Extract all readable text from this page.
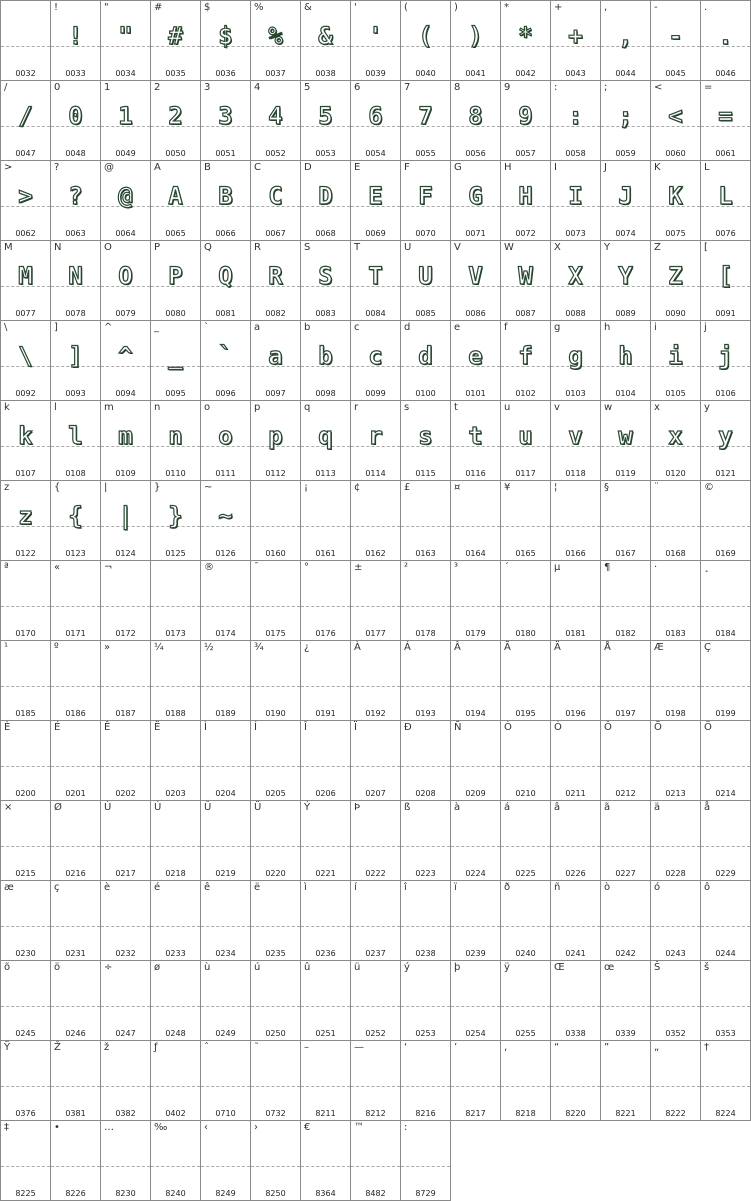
0032
!
!
0033
"
"
0034
#
#
0035
$
$
0036
%
%
0037
&
&
0038
'
'
0039
(
(
0040
)
)
0041
*
*
0042
+
+
0043
,
,
0044
-
-
0045
.
.
0046
/
/
0047
0
0
0048
1
1
0049
2
2
0050
3
3
0051
4
4
0052
5
5
0053
6
6
0054
7
7
0055
8
8
0056
9
9
0057
:
:
0058
;
;
0059
<
<
0060
=
=
0061
>
>
0062
?
?
0063
@
@
0064
A
A
0065
B
B
0066
C
C
0067
D
D
0068
E
E
0069
F
F
0070
G
G
0071
H
H
0072
I
I
0073
J
J
0074
K
K
0075
L
L
0076
M
M
0077
N
N
0078
O
O
0079
P
P
0080
Q
Q
0081
R
R
0082
S
S
0083
T
T
0084
U
U
0085
V
V
0086
W
W
0087
X
X
0088
Y
Y
0089
Z
Z
0090
[
[
0091
\
\
0092
]
]
0093
^
^
0094
_
_
0095
`
`
0096
a
a
0097
b
b
0098
c
c
0099
d
d
0100
e
e
0101
f
f
0102
g
g
0103
h
h
0104
i
i
0105
j
j
0106
k
k
0107
l
l
0108
m
m
0109
n
n
0110
o
o
0111
p
p
0112
q
q
0113
r
r
0114
s
s
0115
t
t
0116
u
u
0117
v
v
0118
w
w
0119
x
x
0120
y
y
0121
z
z
0122
{
{
0123
|
|
0124
}
}
0125
~
~
0126	0160
¡
0161
¢
0162
£
0163
¤
0164
¥
0165
¦
0166
§
0167
¨
0168
©
0169
ª
0170
«
0171
¬
0172	0173
®
0174
¯
0175
°
0176
±
0177
²
0178
³
0179
´
0180
µ
0181
¶
0182
·
0183
¸
0184
¹
0185
º
0186
»
0187
¼
0188
½
0189
¾
0190
¿
0191
À
0192
Á
0193
Â
0194
Ã
0195
Ä
0196
Å
0197
Æ
0198
Ç
0199
È
0200
É
0201
Ê
0202
Ë
0203
Ì
0204
Í
0205
Î
0206
Ï
0207
Ð
0208
Ñ
0209
Ò
0210
Ó
0211
Ô
0212
Õ
0213
Ö
0214
×
0215
Ø
0216
Ù
0217
Ú
0218
Û
0219
Ü
0220
Ý
0221
Þ
0222
ß
0223
à
0224
á
0225
â
0226
ã
0227
ä
0228
å
0229
æ
0230
ç
0231
è
0232
é
0233
ê
0234
ë
0235
ì
0236
í
0237
î
0238
ï
0239
ð
0240
ñ
0241
ò
0242
ó
0243
ô
0244
õ
0245
ö
0246
÷
0247
ø
0248
ù
0249
ú
0250
û
0251
ü
0252
ý
0253
þ
0254
ÿ
0255
Œ
0338
œ
0339
Š
0352
š
0353
Ÿ
0376
Ž
0381
ž
0382
ƒ
0402
ˆ
0710
˜
0732
–
8211
—
8212
‘
8216
’
8217
‚
8218
“
8220
”
8221
„
8222
†
8224
‡
8225
•
8226
…
8230
‰
8240
‹
8249
›
8250
€
8364
™
8482
:
8729
